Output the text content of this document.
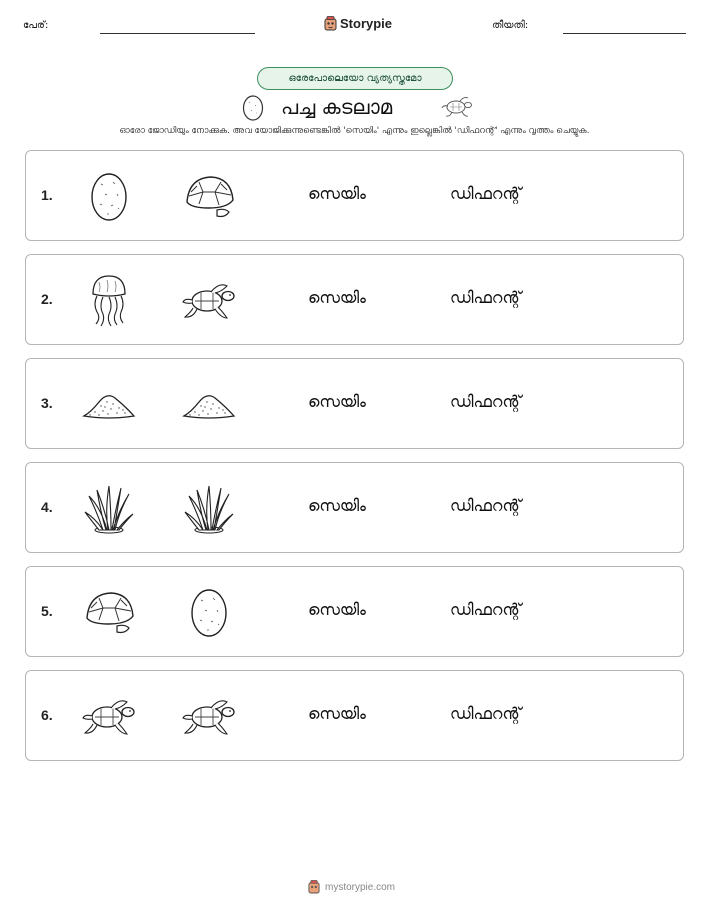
പേര്:	Storypie	തീയതി:
ഒരേപോലെയോ വ്യത്യസ്തമോ
പച്ച കടലാമ
ഓരോ ജോഡിയും നോക്കുക. അവ യോജിക്കുന്നുണ്ടെങ്കിൽ 'സെയിം' എന്നും ഇല്ലെങ്കിൽ 'ഡിഫറന്റ്' എന്നും വൃത്തം ചെയ്യുക.
1.	സെയിം	ഡിഫറന്റ്
2.	സെയിം	ഡിഫറന്റ്
3.	സെയിം	ഡിഫറന്റ്
4.	സെയിം	ഡിഫറന്റ്
5.	സെയിം	ഡിഫറന്റ്
6.	സെയിം	ഡിഫറന്റ്
mystorypie.com
